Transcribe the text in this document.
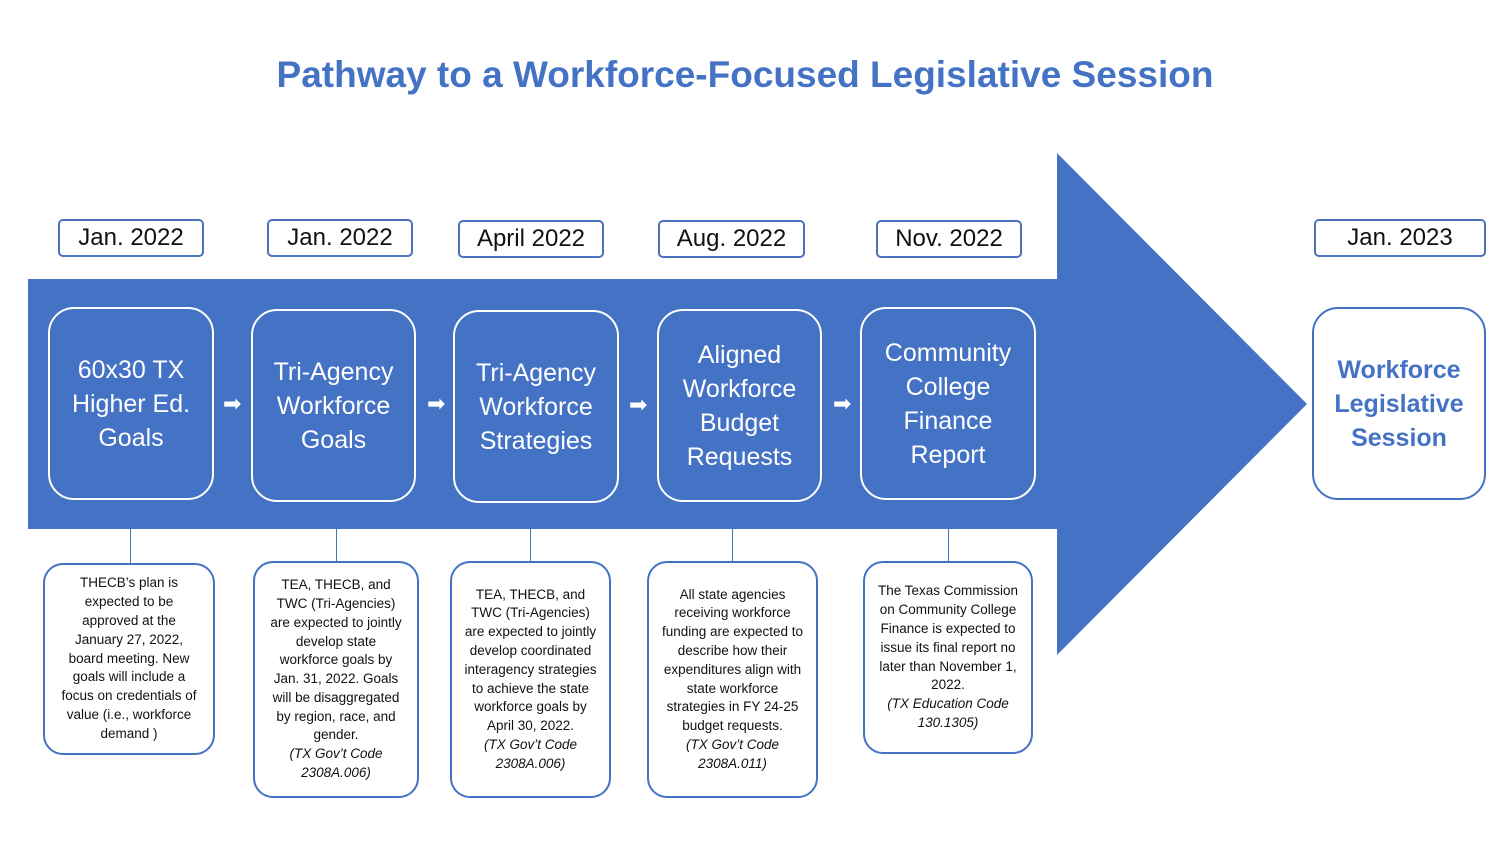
Pathway to a Workforce-Focused Legislative Session
Jan. 2022	Jan. 2022	April 2022	Aug. 2022	Nov. 2022	Jan. 2023
60x30 TX Higher Ed. Goals
Tri-Agency Workforce Goals
Tri-Agency Workforce Strategies
Aligned Workforce Budget Requests
Community College Finance Report
Workforce Legislative Session
➡	➡	➡	➡
THECB’s plan is expected to be approved at the January 27, 2022, board meeting. New goals will include a focus on credentials of value (i.e., workforce demand )
TEA, THECB, and TWC (Tri-Agencies) are expected to jointly develop state workforce goals by Jan. 31, 2022. Goals will be disaggregated by region, race, and gender.
(TX Gov’t Code 2308A.006)
TEA, THECB, and TWC (Tri-Agencies) are expected to jointly develop coordinated interagency strategies to achieve the state workforce goals by April 30, 2022.
(TX Gov’t Code 2308A.006)
All state agencies receiving workforce funding are expected to describe how their expenditures align with state workforce strategies in FY 24-25 budget requests.
(TX Gov’t Code 2308A.011)
The Texas Commission on Community College Finance is expected to issue its final report no later than November 1, 2022.
(TX Education Code 130.1305)
